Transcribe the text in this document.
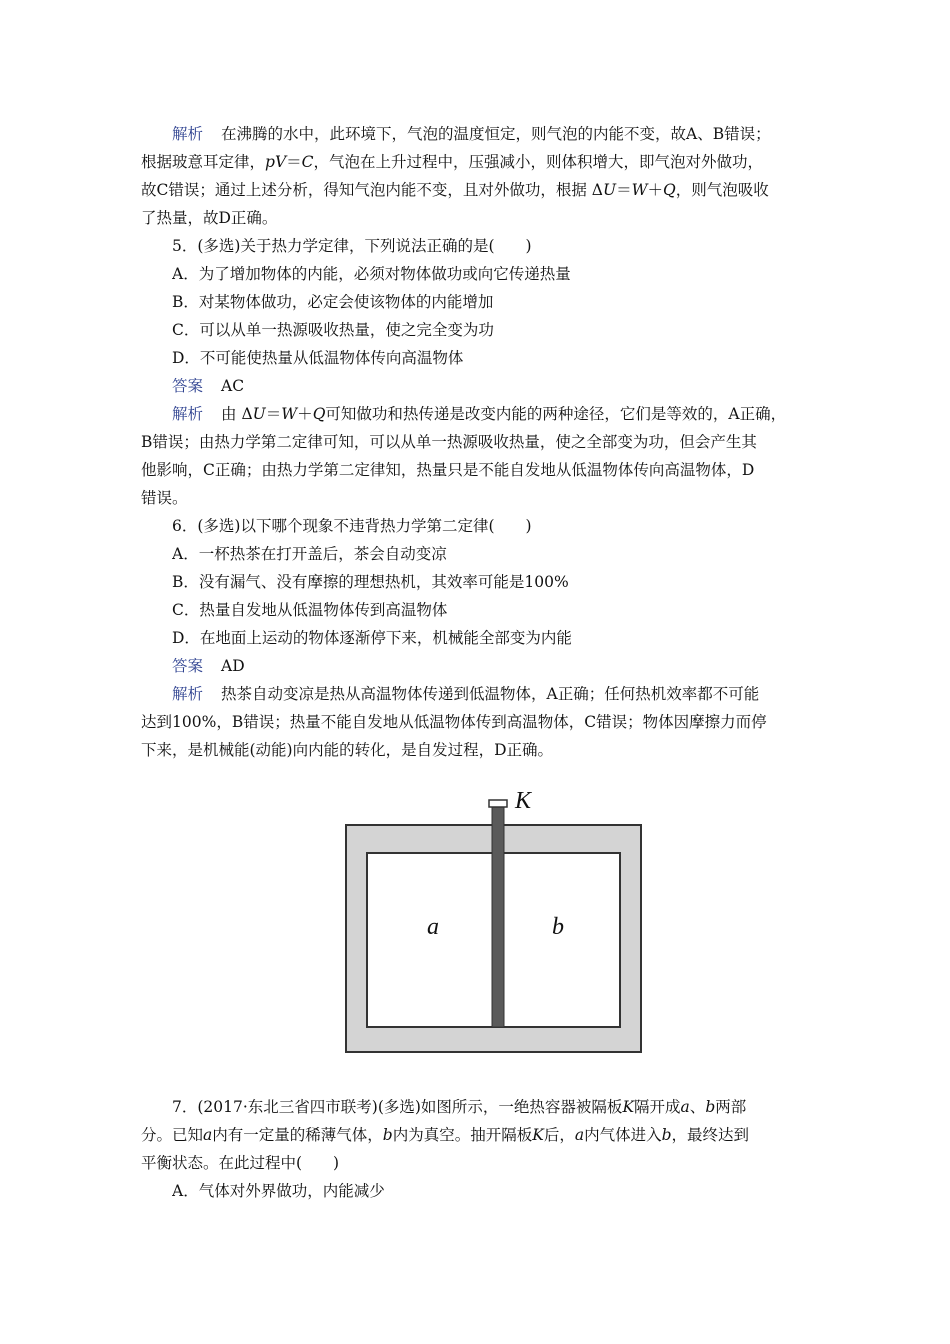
解析 在沸腾的水中，此环境下，气泡的温度恒定，则气泡的内能不变，故A、B错误；
根据玻意耳定律，pV＝C，气泡在上升过程中，压强减小，则体积增大，即气泡对外做功，
故C错误；通过上述分析，得知气泡内能不变，且对外做功，根据 ΔU＝W＋Q，则气泡吸收
了热量，故D正确。
5．(多选)关于热力学定律，下列说法正确的是(　　)
A．为了增加物体的内能，必须对物体做功或向它传递热量
B．对某物体做功，必定会使该物体的内能增加
C．可以从单一热源吸收热量，使之完全变为功
D．不可能使热量从低温物体传向高温物体
答案 AC
解析 由 ΔU＝W＋Q可知做功和热传递是改变内能的两种途径，它们是等效的，A正确，
B错误；由热力学第二定律可知，可以从单一热源吸收热量，使之全部变为功，但会产生其
他影响，C正确；由热力学第二定律知，热量只是不能自发地从低温物体传向高温物体，D
错误。
6．(多选)以下哪个现象不违背热力学第二定律(　　)
A．一杯热茶在打开盖后，茶会自动变凉
B．没有漏气、没有摩擦的理想热机，其效率可能是100%
C．热量自发地从低温物体传到高温物体
D．在地面上运动的物体逐渐停下来，机械能全部变为内能
答案 AD
解析 热茶自动变凉是热从高温物体传递到低温物体，A正确；任何热机效率都不可能
达到100%，B错误；热量不能自发地从低温物体传到高温物体，C错误；物体因摩擦力而停
下来，是机械能(动能)向内能的转化，是自发过程，D正确。
K
a	b
7．(2017·东北三省四市联考)(多选)如图所示，一绝热容器被隔板K隔开成a、b两部
分。已知a内有一定量的稀薄气体，b内为真空。抽开隔板K后，a内气体进入b，最终达到
平衡状态。在此过程中(　　)
A．气体对外界做功，内能减少
